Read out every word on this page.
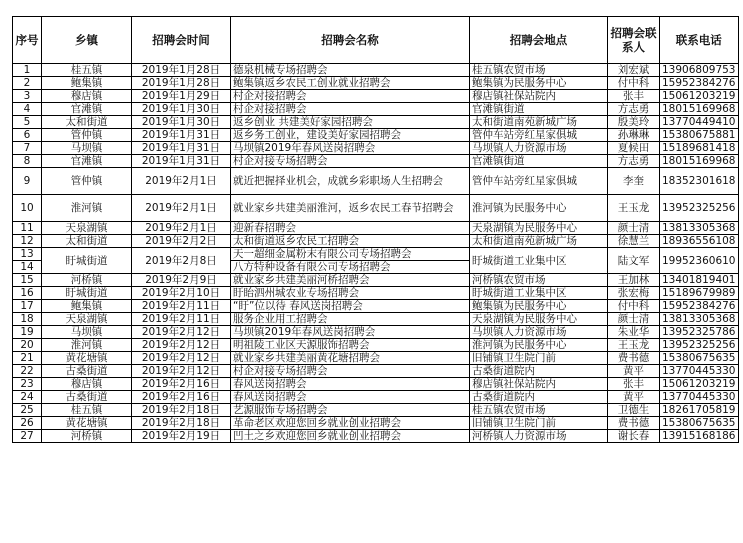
序号	乡镇	招聘会时间	招聘会名称	招聘会地点	招聘会联系人	联系电话
1	桂五镇	2019年1月28日	德泉机械专场招聘会	桂五镇农贸市场	刘宏斌	13906809753
2	鲍集镇	2019年1月28日	鲍集镇返乡农民工创业就业招聘会	鲍集镇为民服务中心	付中科	15952384276
3	穆店镇	2019年1月29日	村企对接招聘会	穆店镇社保站院内	张丰	15061203219
4	官滩镇	2019年1月30日	村企对接招聘会	官滩镇街道	方志勇	18015169968
5	太和街道	2019年1月30日	返乡创业 共建美好家园招聘会	太和街道南苑新城广场	殷美玲	13770449410
6	管仲镇	2019年1月31日	返乡务工创业，建设美好家园招聘会	管仲车站旁红星家俱城	孙琳琳	15380675881
7	马坝镇	2019年1月31日	马坝镇2019年春风送岗招聘会	马坝镇人力资源市场	夏候田	15189681418
8	官滩镇	2019年1月31日	村企对接专场招聘会	官滩镇街道	方志勇	18015169968
9	管仲镇	2019年2月1日	就近把握择业机会，成就乡彩职场人生招聘会	管仲车站旁红星家俱城	李奎	18352301618
10	淮河镇	2019年2月1日	就业家乡共建美丽淮河，返乡农民工春节招聘会	淮河镇为民服务中心	王玉龙	13952325256
11	天泉湖镇	2019年2月1日	迎新春招聘会	天泉湖镇为民服务中心	颜士清	13813305368
12	太和街道	2019年2月2日	太和街道返乡农民工招聘会	太和街道南苑新城广场	徐慧兰	18936556108
13	盱城街道	2019年2月8日	天一超细金属粉末有限公司专场招聘会	盱城街道工业集中区	陆文军	19952360610
14			八方特种设备有限公司专场招聘会			
15	河桥镇	2019年2月9日	就业家乡共建美丽河桥招聘会	河桥镇农贸市场	王加林	13401819401
16	盱城街道	2019年2月10日	盱眙泗州城农业专场招聘会	盱城街道工业集中区	张宏梅	15189679989
17	鲍集镇	2019年2月11日	“盱”位以待 春风送岗招聘会	鲍集镇为民服务中心	付中科	15952384276
18	天泉湖镇	2019年2月11日	服务企业用工招聘会	天泉湖镇为民服务中心	颜士清	13813305368
19	马坝镇	2019年2月12日	马坝镇2019年春风送岗招聘会	马坝镇人力资源市场	朱业华	13952325786
20	淮河镇	2019年2月12日	明祖陵工业区天源服饰招聘会	淮河镇为民服务中心	王玉龙	13952325256
21	黄花塘镇	2019年2月12日	就业家乡共建美丽黄花塘招聘会	旧铺镇卫生院门前	费书德	15380675635
22	古桑街道	2019年2月12日	村企对接专场招聘会	古桑街道院内	黄平	13770445330
23	穆店镇	2019年2月16日	春风送岗招聘会	穆店镇社保站院内	张丰	15061203219
24	古桑街道	2019年2月16日	春风送岗招聘会	古桑街道院内	黄平	13770445330
25	桂五镇	2019年2月18日	艺源服饰专场招聘会	桂五镇农贸市场	卫德生	18261705819
26	黄花塘镇	2019年2月18日	革命老区欢迎您回乡就业创业招聘会	旧铺镇卫生院门前	费书德	15380675635
27	河桥镇	2019年2月19日	凹土之乡欢迎您回乡就业创业招聘会	河桥镇人力资源市场	谢长春	13915168186
